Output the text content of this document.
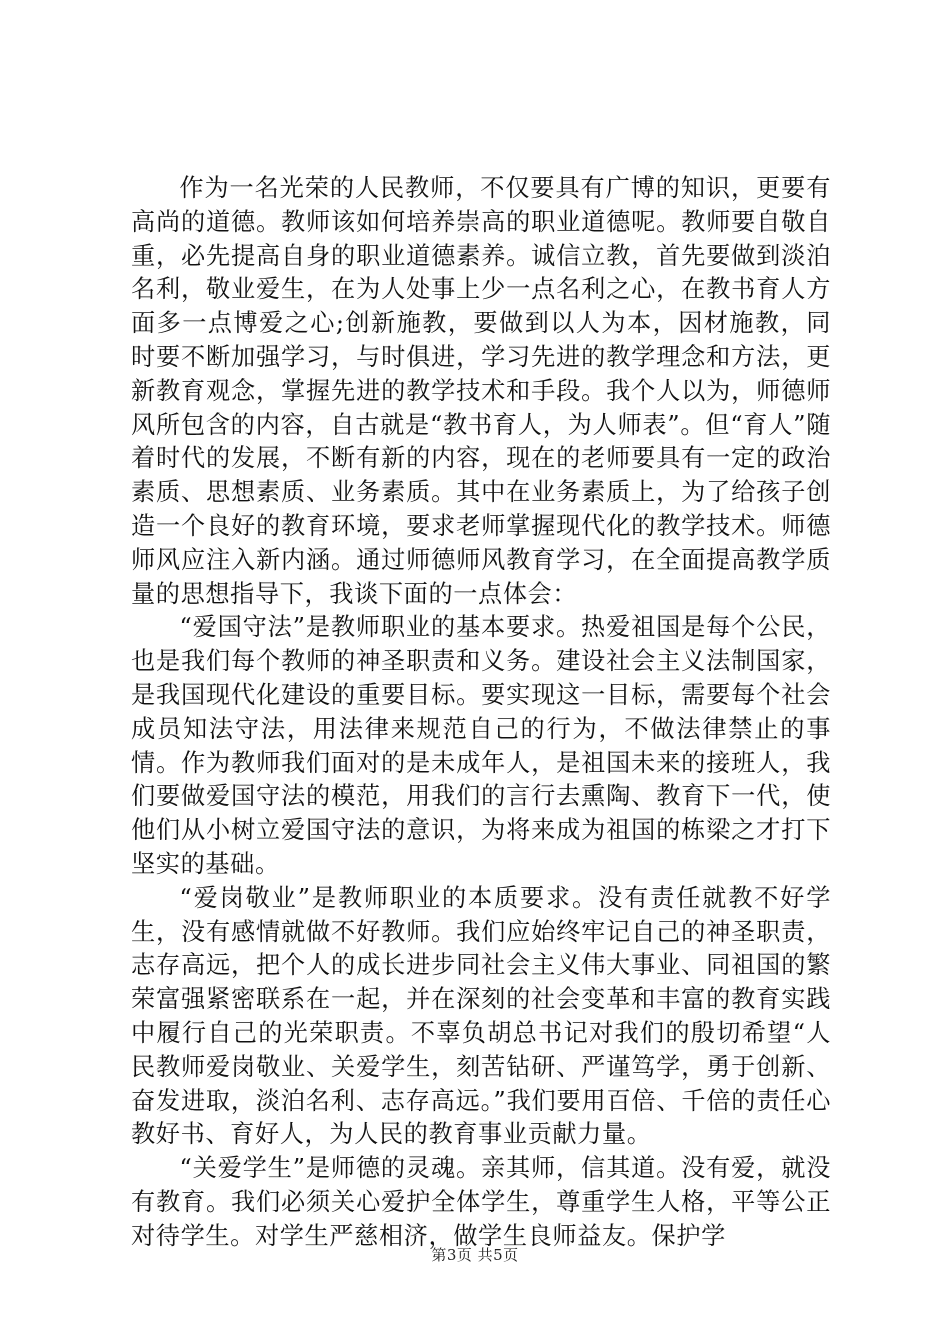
作为一名光荣的人民教师，不仅要具有广博的知识，更要有高尚的道德。教师该如何培养崇高的职业道德呢。教师要自敬自重，必先提高自身的职业道德素养。诚信立教，首先要做到淡泊名利，敬业爱生，在为人处事上少一点名利之心，在教书育人方面多一点博爱之心;创新施教，要做到以人为本，因材施教，同时要不断加强学习，与时俱进，学习先进的教学理念和方法，更新教育观念，掌握先进的教学技术和手段。我个人以为，师德师风所包含的内容，自古就是“教书育人，为人师表”。但“育人”随着时代的发展，不断有新的内容，现在的老师要具有一定的政治素质、思想素质、业务素质。其中在业务素质上，为了给孩子创造一个良好的教育环境，要求老师掌握现代化的教学技术。师德师风应注入新内涵。通过师德师风教育学习，在全面提高教学质量的思想指导下，我谈下面的一点体会：

“爱国守法”是教师职业的基本要求。热爱祖国是每个公民，也是我们每个教师的神圣职责和义务。建设社会主义法制国家，是我国现代化建设的重要目标。要实现这一目标，需要每个社会成员知法守法，用法律来规范自己的行为，不做法律禁止的事情。作为教师我们面对的是未成年人，是祖国未来的接班人，我们要做爱国守法的模范，用我们的言行去熏陶、教育下一代，使他们从小树立爱国守法的意识，为将来成为祖国的栋梁之才打下坚实的基础。

“爱岗敬业”是教师职业的本质要求。没有责任就教不好学生，没有感情就做不好教师。我们应始终牢记自己的神圣职责，志存高远，把个人的成长进步同社会主义伟大事业、同祖国的繁荣富强紧密联系在一起，并在深刻的社会变革和丰富的教育实践中履行自己的光荣职责。不辜负胡总书记对我们的殷切希望“人民教师爱岗敬业、关爱学生，刻苦钻研、严谨笃学，勇于创新、奋发进取，淡泊名利、志存高远。”我们要用百倍、千倍的责任心教好书、育好人，为人民的教育事业贡献力量。

“关爱学生”是师德的灵魂。亲其师，信其道。没有爱，就没有教育。我们必须关心爱护全体学生，尊重学生人格，平等公正对待学生。对学生严慈相济，做学生良师益友。保护学

第3页 共5页
